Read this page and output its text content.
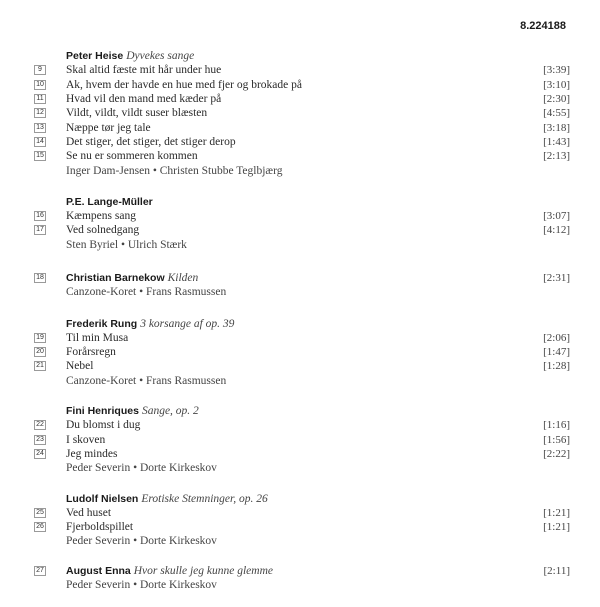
8.224188
Peter Heise Dyvekes sange
9	Skal altid fæste mit hår under hue	[3:39]
10 Ak, hvem der havde en hue med fjer og brokade på	[3:10]
11 Hvad vil den mand med kæder på	[2:30]
12 Vildt, vildt, vildt suser blæsten	[4:55]
13 Næppe tør jeg tale	[3:18]
14 Det stiger, det stiger, det stiger derop	[1:43]
15 Se nu er sommeren kommen	[2:13]
Inger Dam-Jensen • Christen Stubbe Teglbjærg
P.E. Lange-Müller
16 Kæmpens sang	[3:07]
17 Ved solnedgang	[4:12]
Sten Byriel • Ulrich Stærk
18 Christian Barnekow Kilden	[2:31]
Canzone-Koret • Frans Rasmussen
Frederik Rung 3 korsange af op. 39
19 Til min Musa	[2:06]
20 Forårsregn	[1:47]
21 Nebel	[1:28]
Canzone-Koret • Frans Rasmussen
Fini Henriques Sange, op. 2
22 Du blomst i dug	[1:16]
23 I skoven	[1:56]
24 Jeg mindes	[2:22]
Peder Severin • Dorte Kirkeskov
Ludolf Nielsen Erotiske Stemninger, op. 26
25 Ved huset	[1:21]
26 Fjerboldspillet	[1:21]
Peder Severin • Dorte Kirkeskov
27 August Enna Hvor skulle jeg kunne glemme	[2:11]
Peder Severin • Dorte Kirkeskov
